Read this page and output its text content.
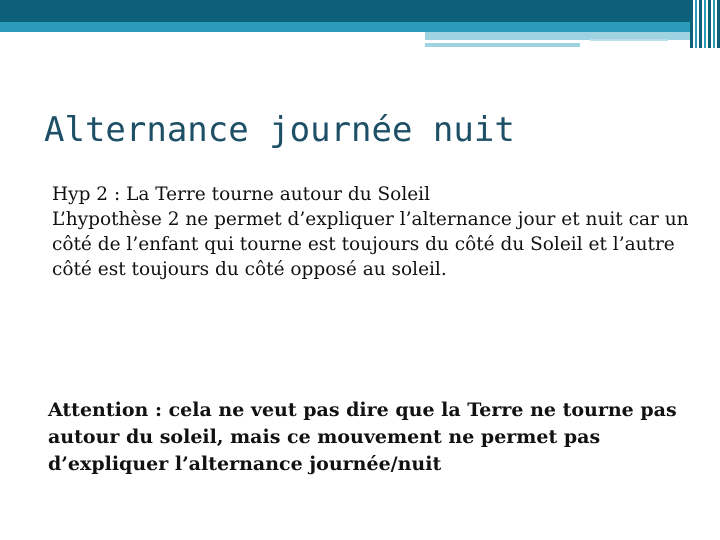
Alternance journée nuit

Hyp 2 : La Terre tourne autour du Soleil

L’hypothèse 2 ne permet d’expliquer l’alternance jour et nuit car un côté de l’enfant qui tourne est toujours du côté du Soleil et l’autre côté est toujours du côté opposé au soleil.

Attention : cela ne veut pas dire que la Terre ne tourne pas autour du soleil, mais ce mouvement ne permet pas d’expliquer l’alternance journée/nuit
